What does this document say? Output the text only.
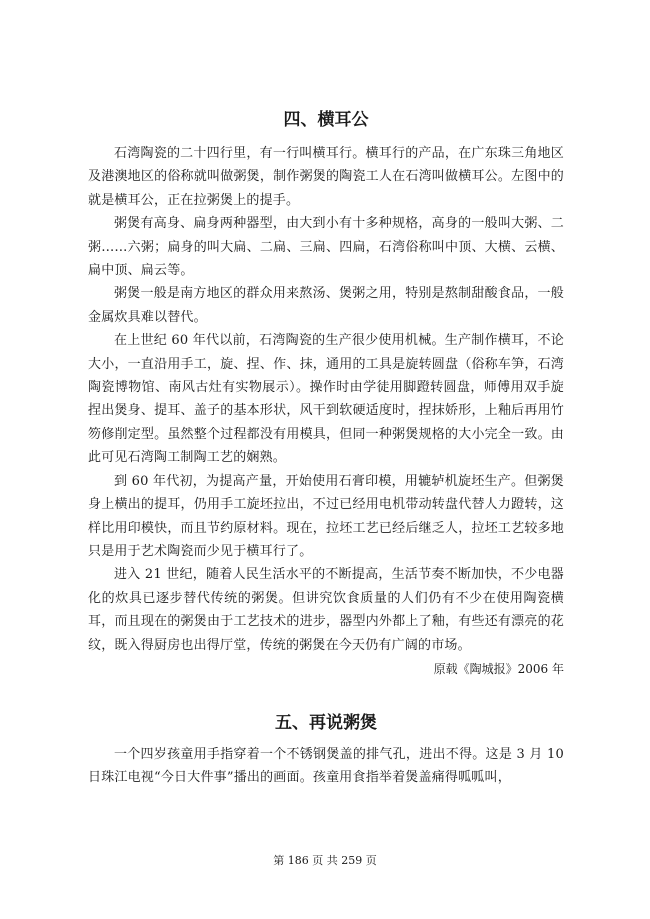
四、横耳公

石湾陶瓷的二十四行里，有一行叫横耳行。横耳行的产品，在广东珠三角地区及港澳地区的俗称就叫做粥煲，制作粥煲的陶瓷工人在石湾叫做横耳公。左图中的就是横耳公，正在拉粥煲上的提手。

粥煲有高身、扁身两种器型，由大到小有十多种规格，高身的一般叫大粥、二粥……六粥；扁身的叫大扁、二扁、三扁、四扁，石湾俗称叫中顶、大横、云横、扁中顶、扁云等。

粥煲一般是南方地区的群众用来熬汤、煲粥之用，特别是熬制甜酸食品，一般金属炊具难以替代。

在上世纪 60 年代以前，石湾陶瓷的生产很少使用机械。生产制作横耳，不论大小，一直沿用手工，旋、捏、作、抹，通用的工具是旋转圆盘（俗称车笋，石湾陶瓷博物馆、南风古灶有实物展示）。操作时由学徒用脚蹬转圆盘，师傅用双手旋捏出煲身、提耳、盖子的基本形状，风干到软硬适度时，捏抹娇形，上釉后再用竹笏修削定型。虽然整个过程都没有用模具，但同一种粥煲规格的大小完全一致。由此可见石湾陶工制陶工艺的娴熟。

到 60 年代初，为提高产量，开始使用石膏印模，用辘轳机旋坯生产。但粥煲身上横出的提耳，仍用手工旋坯拉出，不过已经用电机带动转盘代替人力蹬转，这样比用印模快，而且节约原材料。现在，拉坯工艺已经后继乏人，拉坯工艺较多地只是用于艺术陶瓷而少见于横耳行了。

进入 21 世纪，随着人民生活水平的不断提高，生活节奏不断加快，不少电器化的炊具已逐步替代传统的粥煲。但讲究饮食质量的人们仍有不少在使用陶瓷横耳，而且现在的粥煲由于工艺技术的进步，器型内外都上了釉，有些还有漂亮的花纹，既入得厨房也出得厅堂，传统的粥煲在今天仍有广阔的市场。

原载《陶城报》2006 年

五、再说粥煲

一个四岁孩童用手指穿着一个不锈钢煲盖的排气孔，进出不得。这是 3 月 10 日珠江电视“今日大件事”播出的画面。孩童用食指举着煲盖痛得呱呱叫，

第 186 页 共 259 页
